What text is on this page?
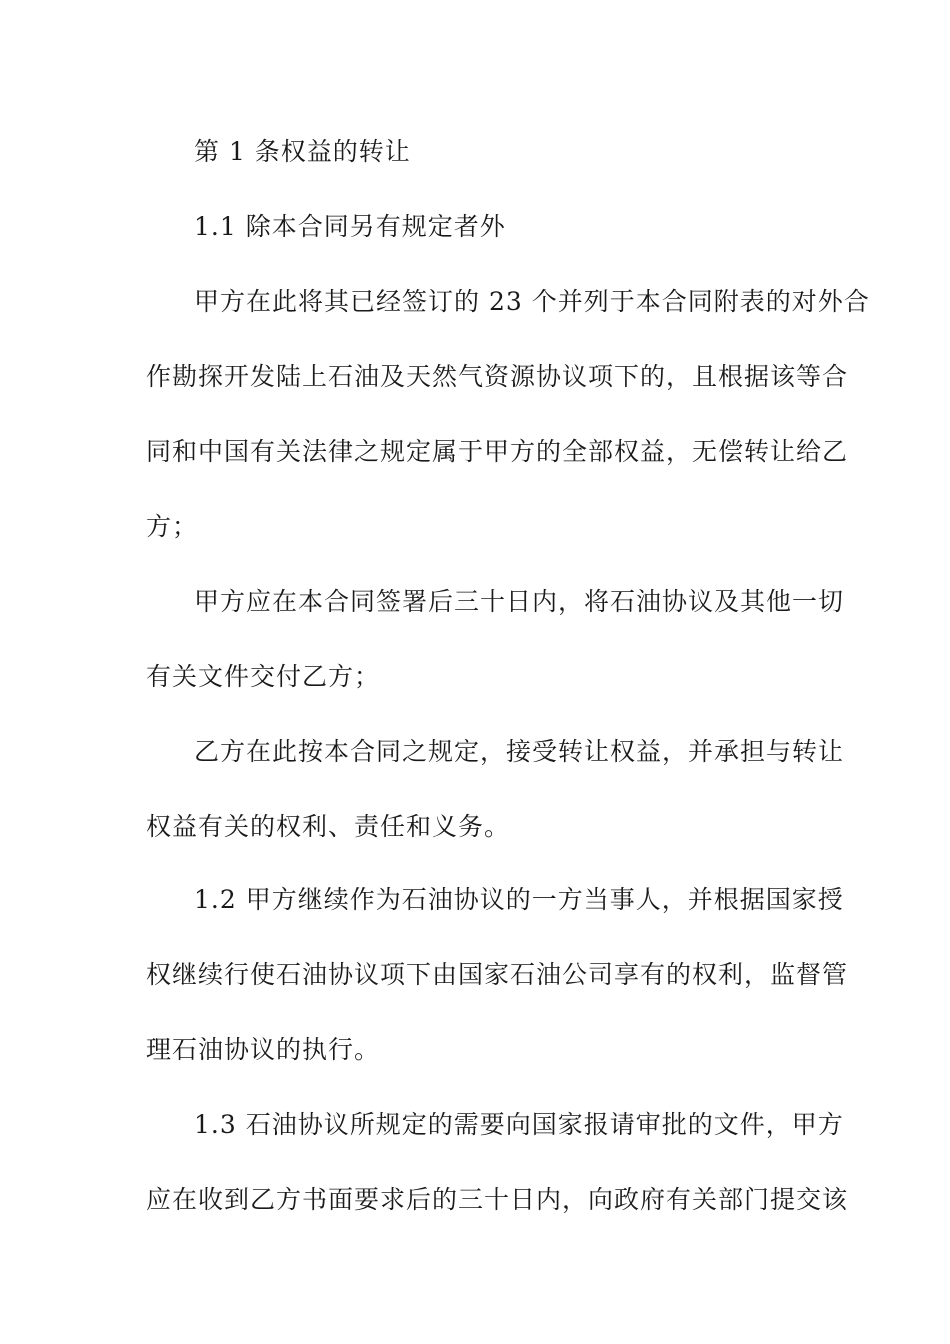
第 1 条权益的转让
1.1 除本合同另有规定者外
甲方在此将其已经签订的 23 个并列于本合同附表的对外合
作勘探开发陆上石油及天然气资源协议项下的，且根据该等合
同和中国有关法律之规定属于甲方的全部权益，无偿转让给乙
方；
甲方应在本合同签署后三十日内，将石油协议及其他一切
有关文件交付乙方；
乙方在此按本合同之规定，接受转让权益，并承担与转让
权益有关的权利、责任和义务。
1.2 甲方继续作为石油协议的一方当事人，并根据国家授
权继续行使石油协议项下由国家石油公司享有的权利，监督管
理石油协议的执行。
1.3 石油协议所规定的需要向国家报请审批的文件，甲方
应在收到乙方书面要求后的三十日内，向政府有关部门提交该
